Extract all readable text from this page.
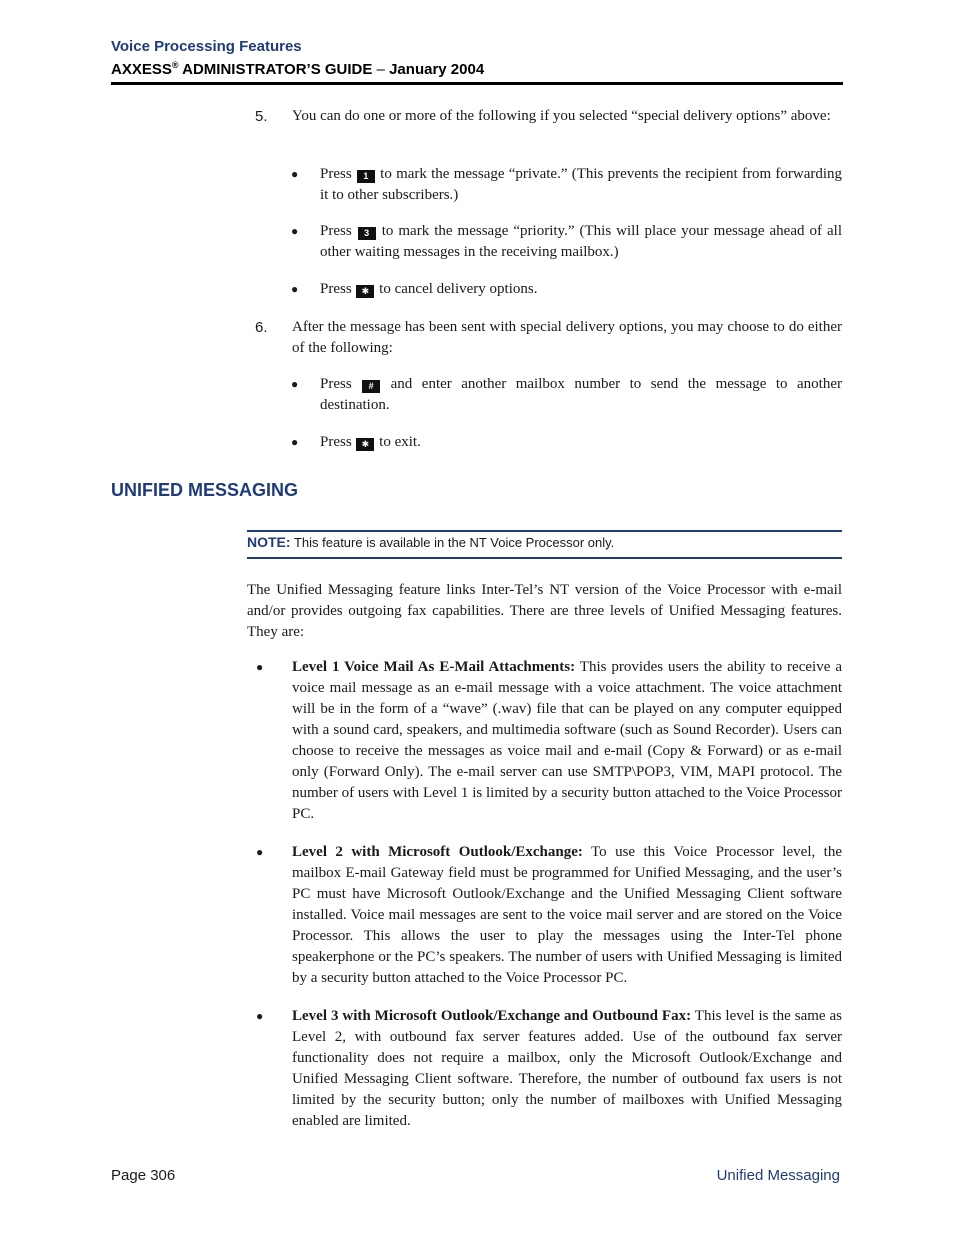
Voice Processing Features
AXXESS® ADMINISTRATOR’S GUIDE – January 2004
5. You can do one or more of the following if you selected “special delivery options” above:
● Press 1 to mark the message “private.” (This prevents the recipient from forwarding it to other subscribers.)
● Press 3 to mark the message “priority.” (This will place your message ahead of all other waiting messages in the receiving mailbox.)
● Press ✱ to cancel delivery options.
6. After the message has been sent with special delivery options, you may choose to do either of the following:
● Press # and enter another mailbox number to send the message to another destination.
● Press ✱ to exit.
UNIFIED MESSAGING
NOTE: This feature is available in the NT Voice Processor only.
The Unified Messaging feature links Inter-Tel’s NT version of the Voice Processor with e-mail and/or provides outgoing fax capabilities. There are three levels of Unified Messaging features. They are:
● Level 1 Voice Mail As E-Mail Attachments: This provides users the ability to receive a voice mail message as an e-mail message with a voice attachment. The voice attachment will be in the form of a “wave” (.wav) file that can be played on any computer equipped with a sound card, speakers, and multimedia software (such as Sound Recorder). Users can choose to receive the messages as voice mail and e-mail (Copy & Forward) or as e-mail only (Forward Only). The e-mail server can use SMTP\POP3, VIM, MAPI protocol. The number of users with Level 1 is limited by a security button attached to the Voice Processor PC.
● Level 2 with Microsoft Outlook/Exchange: To use this Voice Processor level, the mailbox E-mail Gateway field must be programmed for Unified Messaging, and the user’s PC must have Microsoft Outlook/Exchange and the Unified Messaging Client software installed. Voice mail messages are sent to the voice mail server and are stored on the Voice Processor. This allows the user to play the messages using the Inter-Tel phone speakerphone or the PC’s speakers. The number of users with Unified Messaging is limited by a security button attached to the Voice Processor PC.
● Level 3 with Microsoft Outlook/Exchange and Outbound Fax: This level is the same as Level 2, with outbound fax server features added. Use of the outbound fax server functionality does not require a mailbox, only the Microsoft Outlook/Exchange and Unified Messaging Client software. Therefore, the number of outbound fax users is not limited by the security button; only the number of mailboxes with Unified Messaging enabled are limited.
Page 306	Unified Messaging
